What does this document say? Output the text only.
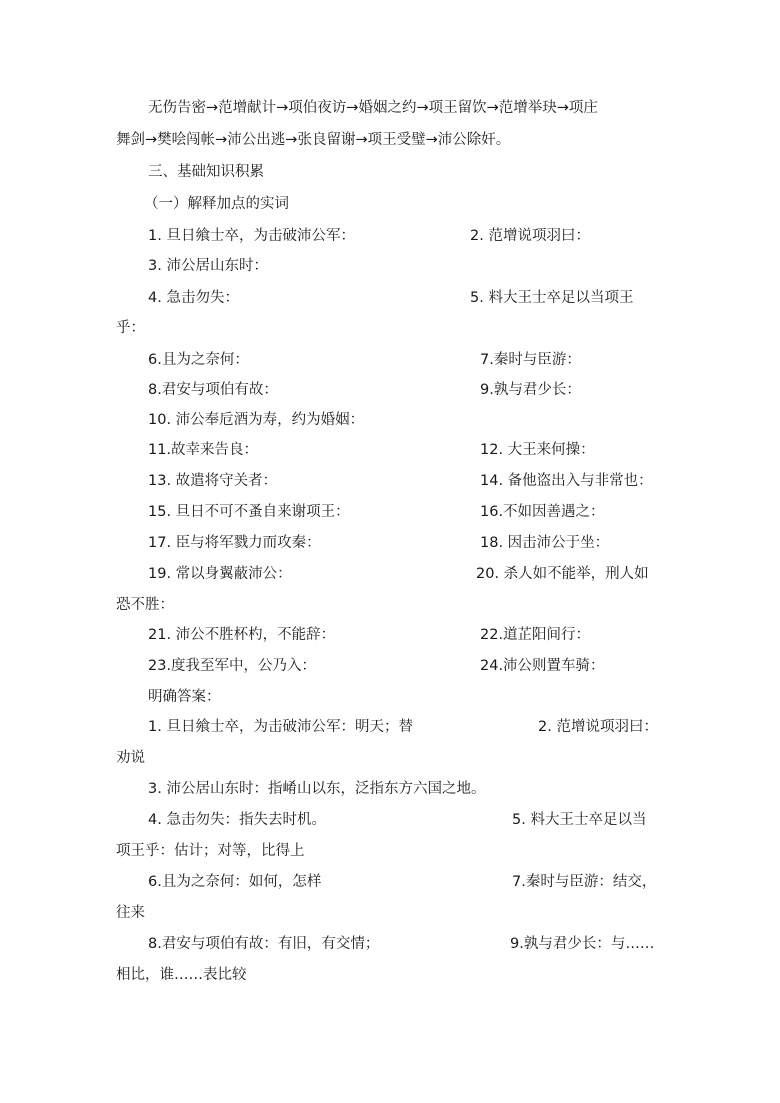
无伤告密→范增献计→项伯夜访→婚姻之约→项王留饮→范增举玦→项庄
舞剑→樊哙闯帐→沛公出逃→张良留谢→项王受璧→沛公除奸。
三、基础知识积累
（一）解释加点的实词
1. 旦日飨士卒，为击破沛公军：	2. 范增说项羽曰：
3. 沛公居山东时：
4. 急击勿失：	5. 料大王士卒足以当项王
乎：
6.且为之奈何：	7.秦时与臣游：
8.君安与项伯有故：	9.孰与君少长：
10. 沛公奉卮酒为寿，约为婚姻：
11.故幸来告良：	12. 大王来何操：
13. 故遣将守关者：	14. 备他盗出入与非常也：
15. 旦日不可不蚤自来谢项王：	16.不如因善遇之：
17. 臣与将军戮力而攻秦：	18. 因击沛公于坐：
19. 常以身翼蔽沛公：	20. 杀人如不能举，刑人如
恐不胜：
21. 沛公不胜杯杓，不能辞：	22.道芷阳间行：
23.度我至军中，公乃入：	24.沛公则置车骑：
明确答案：
1. 旦日飨士卒，为击破沛公军：明天；替	2. 范增说项羽曰：
劝说
3. 沛公居山东时：指崤山以东，泛指东方六国之地。
4. 急击勿失：指失去时机。	5. 料大王士卒足以当
项王乎：估计；对等，比得上
6.且为之奈何：如何，怎样	7.秦时与臣游：结交，
往来
8.君安与项伯有故：有旧，有交情；	9.孰与君少长：与……
相比，谁……表比较
